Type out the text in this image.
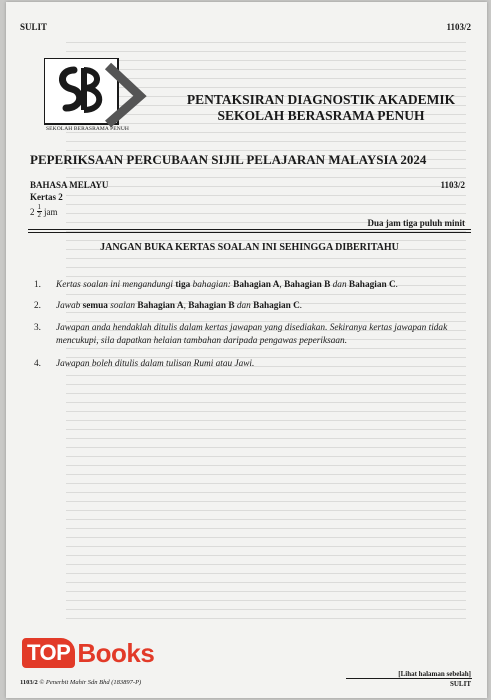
SULIT	1103/2
SEKOLAH BERASRAMA PENUH
PENTAKSIRAN DIAGNOSTIK AKADEMIK
SEKOLAH BERASRAMA PENUH
PEPERIKSAAN PERCUBAAN SIJIL PELAJARAN MALAYSIA 2024
BAHASA MELAYU	1103/2
Kertas 2
$2 \frac{1}{2}$ jam
Dua jam tiga puluh minit
JANGAN BUKA KERTAS SOALAN INI SEHINGGA DIBERITAHU
1.	Kertas soalan ini mengandungi tiga bahagian: Bahagian A, Bahagian B dan Bahagian C.
2.	Jawab semua soalan Bahagian A, Bahagian B dan Bahagian C.
3.	Jawapan anda hendaklah ditulis dalam kertas jawapan yang disediakan. Sekiranya kertas jawapan tidak mencukupi, sila dapatkan helaian tambahan daripada pengawas peperiksaan.
4.	Jawapan boleh ditulis dalam tulisan Rumi atau Jawi.
TOP Books
1103/2 © Penerbit Mahir Sdn Bhd (183897-P)
[Lihat halaman sebelah]
SULIT
